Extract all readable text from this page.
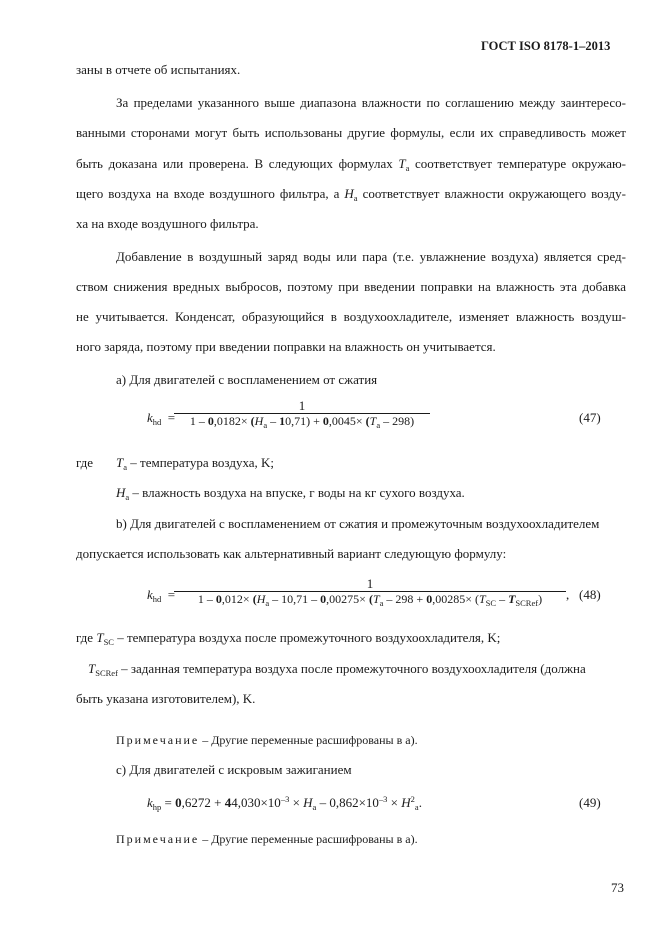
ГОСТ ISO 8178-1–2013
заны в отчете об испытаниях.
За пределами указанного выше диапазона влажности по соглашению между заинтересо-
ванными сторонами могут быть использованы другие формулы, если их справедливость может
быть доказана или проверена. В следующих формулах $T_a$ соответствует температуре окружаю-
щего воздуха на входе воздушного фильтра, а $H_a$ соответствует влажности окружающего возду-
ха на входе воздушного фильтра.
Добавление в воздушный заряд воды или пара (т.е. увлажнение воздуха) является сред-
ством снижения вредных выбросов, поэтому при введении поправки на влажность эта добавка
не учитывается. Конденсат, образующийся в воздухоохладителе, изменяет влажность воздуш-
ного заряда, поэтому при введении поправки на влажность он учитывается.
a) Для двигателей с воспламенением от сжатия
$k_{hd}$ =
1
$1 - 0,0182\times (H_a - 10,71) + 0,0045\times (T_a - 298)$	(47)
где $T_a$ – температура воздуха, K;
$H_a$ – влажность воздуха на впуске, г воды на кг сухого воздуха.
b) Для двигателей с воспламенением от сжатия и промежуточным воздухоохладителем
допускается использовать как альтернативный вариант следующую формулу:
$k_{hd}$ =
1
$1 - 0,012\times (H_a - 10,71 - 0,00275\times (T_a - 298 + 0,00285\times (T_{SC} - T_{SCRef})$	, (48)
где $T_{SC}$ – температура воздуха после промежуточного воздухоохладителя, K;
$T_{SCRef}$ – заданная температура воздуха после промежуточного воздухоохладителя (должна
быть указана изготовителем), K.
Примечание – Другие переменные расшифрованы в а).
c) Для двигателей с искровым зажиганием
$k_{hp} = 0,6272 + 44,030\times 10^{-3} \times H_a - 0,862\times 10^{-3} \times H^2_a$.	(49)
Примечание – Другие переменные расшифрованы в а).
73
